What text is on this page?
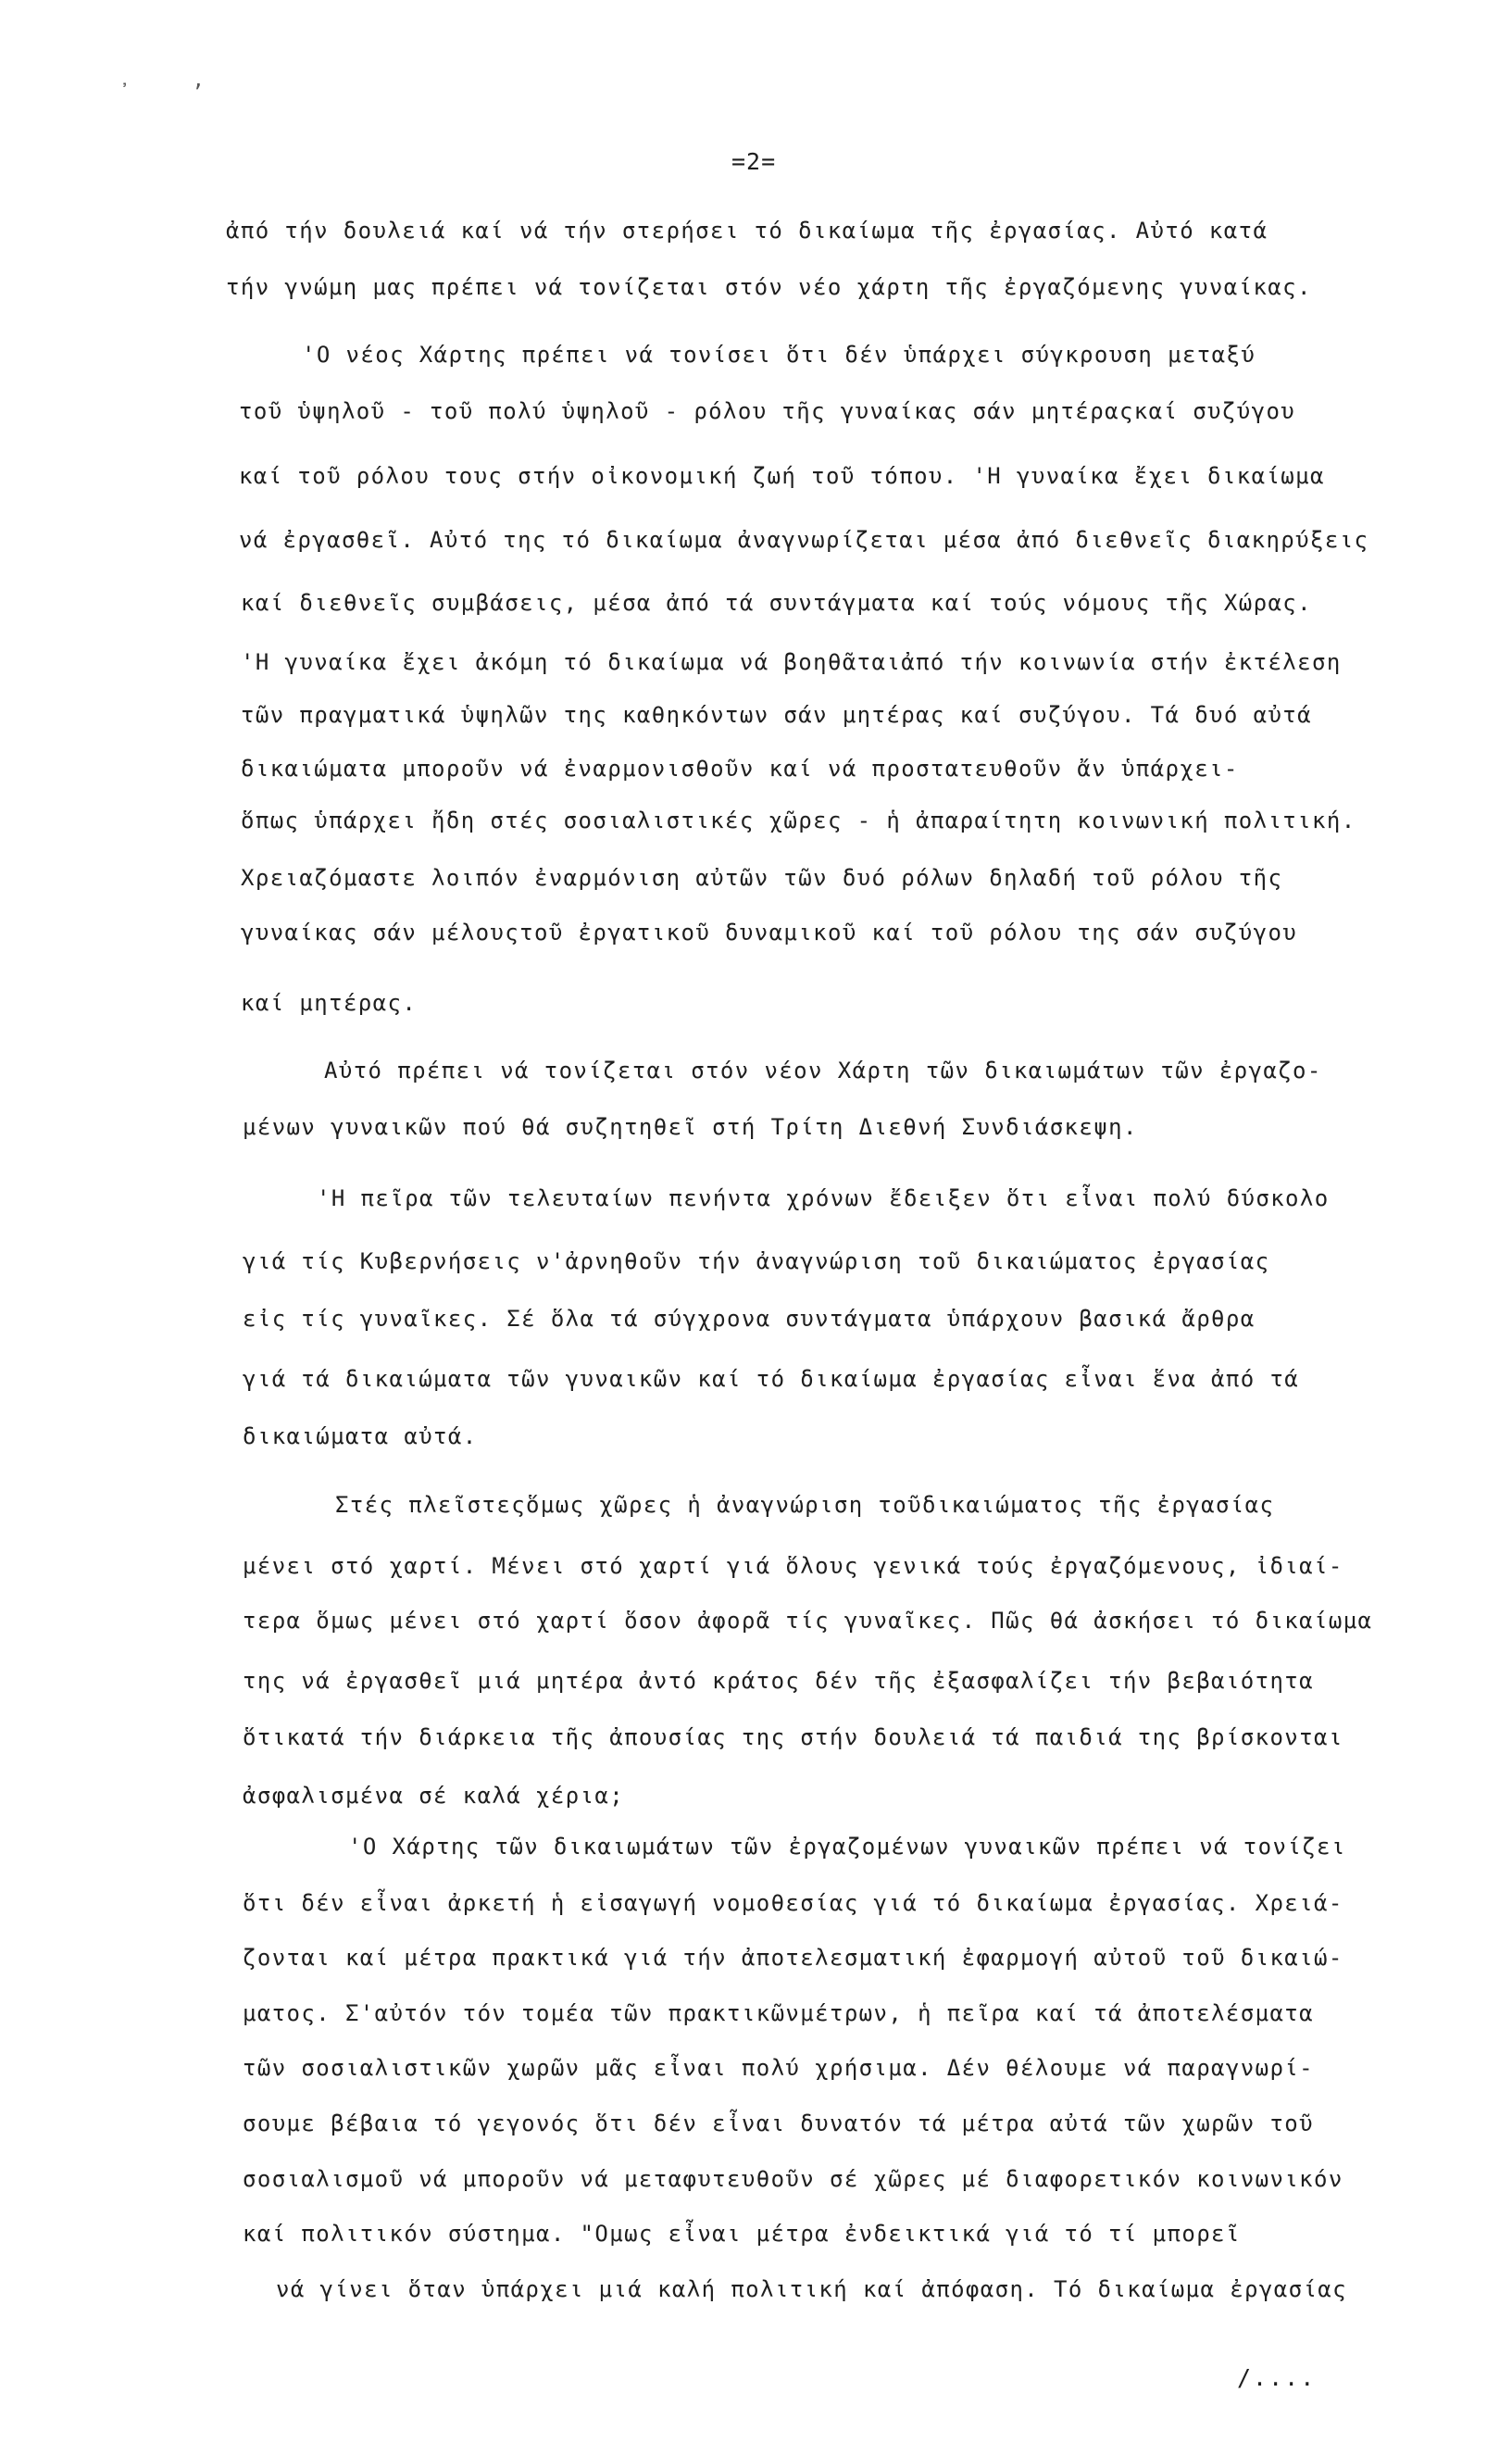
᾽	’
=2=
ἀπό τήν δουλειά καί νά τήν στερήσει τό δικαίωμα τῆς ἐργασίας. Αὐτό κατά
τήν γνώμη μας πρέπει νά τονίζεται στόν νέο χάρτη τῆς ἐργαζόμενης γυναίκας.
'Ο νέος Χάρτης πρέπει νά τονίσει ὅτι δέν ὑπάρχει σύγκρουση μεταξύ
τοῦ ὑψηλοῦ - τοῦ πολύ ὑψηλοῦ - ρόλου τῆς γυναίκας σάν μητέραςκαί συζύγου
καί τοῦ ρόλου τους στήν οἰκονομική ζωή τοῦ τόπου. 'Η γυναίκα ἔχει δικαίωμα
νά ἐργασθεῖ. Αὐτό της τό δικαίωμα ἀναγνωρίζεται μέσα ἀπό διεθνεῖς διακηρύξεις
καί διεθνεῖς συμβάσεις, μέσα ἀπό τά συντάγματα καί τούς νόμους τῆς Χώρας.
'Η γυναίκα ἔχει ἀκόμη τό δικαίωμα νά βοηθᾶταιἀπό τήν κοινωνία στήν ἐκτέλεση
τῶν πραγματικά ὑψηλῶν της καθηκόντων σάν μητέρας καί συζύγου. Τά δυό αὐτά
δικαιώματα μποροῦν νά ἐναρμονισθοῦν καί νά προστατευθοῦν ἄν ὑπάρχει-
ὅπως ὑπάρχει ἤδη στές σοσιαλιστικές χῶρες - ἡ ἀπαραίτητη κοινωνική πολιτική.
Χρειαζόμαστε λοιπόν ἐναρμόνιση αὐτῶν τῶν δυό ρόλων δηλαδή τοῦ ρόλου τῆς
γυναίκας σάν μέλουςτοῦ ἐργατικοῦ δυναμικοῦ καί τοῦ ρόλου της σάν συζύγου
καί μητέρας.
Αὐτό πρέπει νά τονίζεται στόν νέον Χάρτη τῶν δικαιωμάτων τῶν ἐργαζο-
μένων γυναικῶν πού θά συζητηθεῖ στή Τρίτη Διεθνή Συνδιάσκεψη.
'Η πεῖρα τῶν τελευταίων πενήντα χρόνων ἔδειξεν ὅτι εἶναι πολύ δύσκολο
γιά τίς Κυβερνήσεις ν'ἀρνηθοῦν τήν ἀναγνώριση τοῦ δικαιώματος ἐργασίας
εἰς τίς γυναῖκες. Σέ ὅλα τά σύγχρονα συντάγματα ὑπάρχουν βασικά ἄρθρα
γιά τά δικαιώματα τῶν γυναικῶν καί τό δικαίωμα ἐργασίας εἶναι ἕνα ἀπό τά
δικαιώματα αὐτά.
Στές πλεῖστεςὅμως χῶρες ἡ ἀναγνώριση τοῦδικαιώματος τῆς ἐργασίας
μένει στό χαρτί. Μένει στό χαρτί γιά ὅλους γενικά τούς ἐργαζόμενους, ἰδιαί-
τερα ὅμως μένει στό χαρτί ὅσον ἀφορᾶ τίς γυναῖκες. Πῶς θά ἀσκήσει τό δικαίωμα
της νά ἐργασθεῖ μιά μητέρα ἀντό κράτος δέν τῆς ἐξασφαλίζει τήν βεβαιότητα
ὅτικατά τήν διάρκεια τῆς ἀπουσίας της στήν δουλειά τά παιδιά της βρίσκονται
ἀσφαλισμένα σέ καλά χέρια;
'Ο Χάρτης τῶν δικαιωμάτων τῶν ἐργαζομένων γυναικῶν πρέπει νά τονίζει
ὅτι δέν εἶναι ἀρκετή ἡ εἰσαγωγή νομοθεσίας γιά τό δικαίωμα ἐργασίας. Χρειά-
ζονται καί μέτρα πρακτικά γιά τήν ἀποτελεσματική ἐφαρμογή αὐτοῦ τοῦ δικαιώ-
ματος. Σ'αὐτόν τόν τομέα τῶν πρακτικῶνμέτρων, ἡ πεῖρα καί τά ἀποτελέσματα
τῶν σοσιαλιστικῶν χωρῶν μᾶς εἶναι πολύ χρήσιμα. Δέν θέλουμε νά παραγνωρί-
σουμε βέβαια τό γεγονός ὅτι δέν εἶναι δυνατόν τά μέτρα αὐτά τῶν χωρῶν τοῦ
σοσιαλισμοῦ νά μποροῦν νά μεταφυτευθοῦν σέ χῶρες μέ διαφορετικόν κοινωνικόν
καί πολιτικόν σύστημα. "Ομως εἶναι μέτρα ἐνδεικτικά γιά τό τί μπορεῖ
νά γίνει ὅταν ὑπάρχει μιά καλή πολιτική καί ἀπόφαση. Τό δικαίωμα ἐργασίας
/....
